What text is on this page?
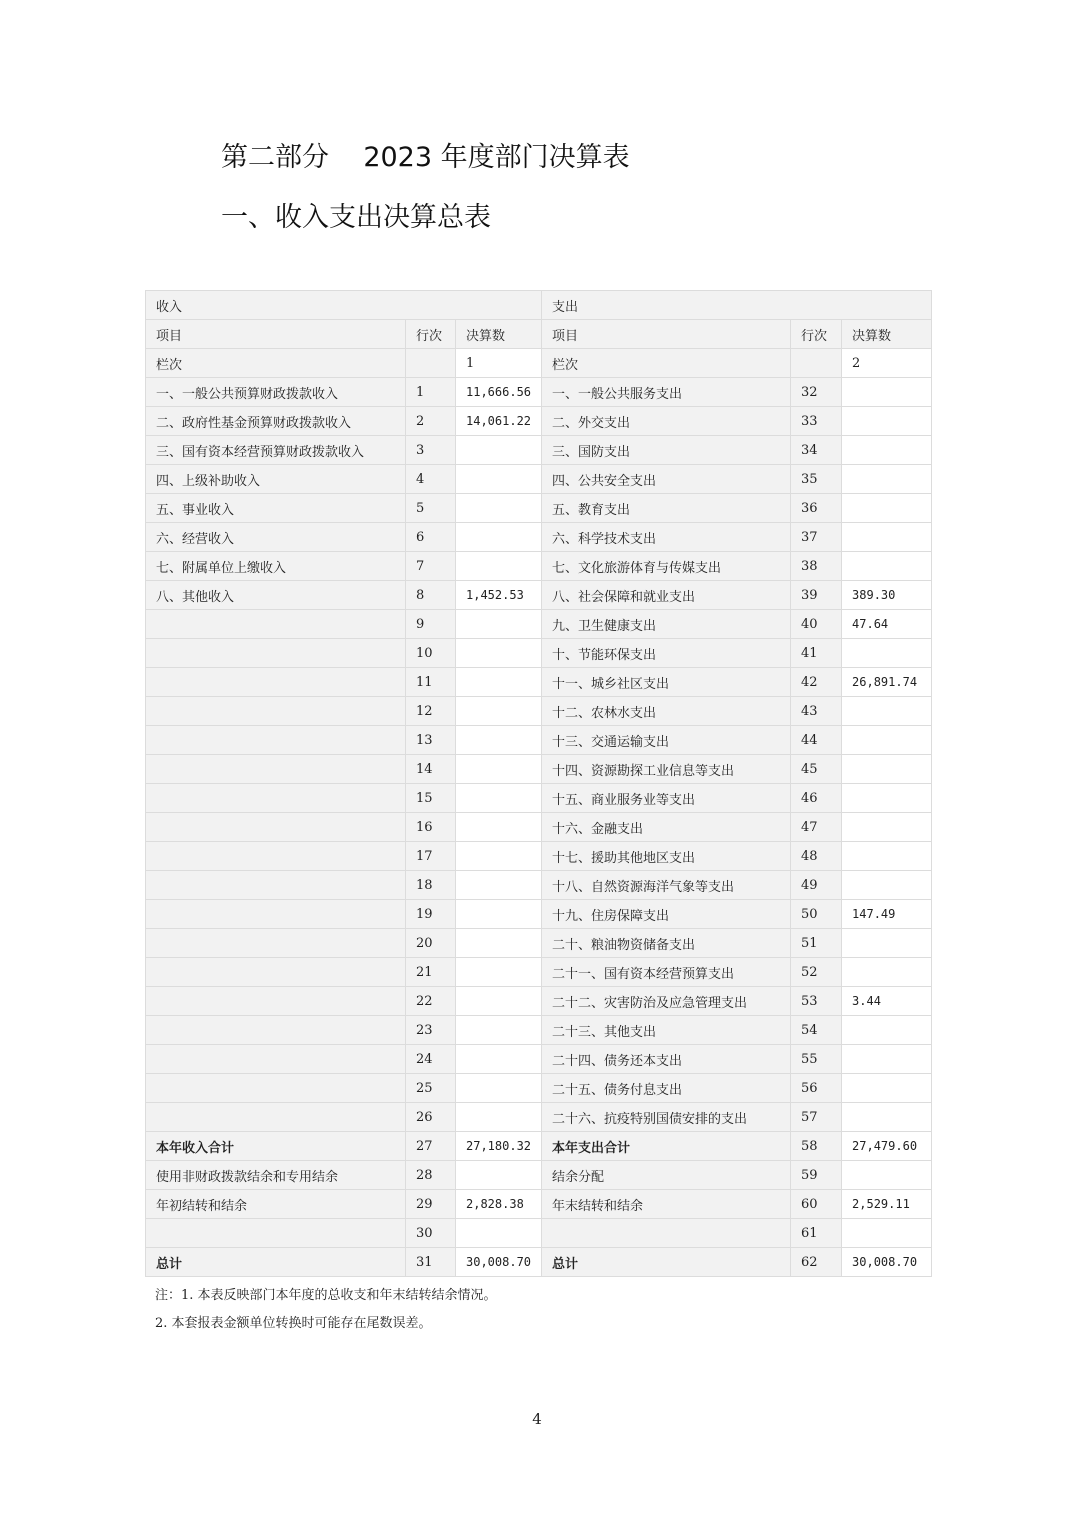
第二部分    2023 年度部门决算表
一、收入支出决算总表
收入			支出		
项目	行次	决算数	项目	行次	决算数
栏次		1	栏次		2
一、一般公共预算财政拨款收入	1	11,666.56	一、一般公共服务支出	32	
二、政府性基金预算财政拨款收入	2	14,061.22	二、外交支出	33	
三、国有资本经营预算财政拨款收入	3		三、国防支出	34	
四、上级补助收入	4		四、公共安全支出	35	
五、事业收入	5		五、教育支出	36	
六、经营收入	6		六、科学技术支出	37	
七、附属单位上缴收入	7		七、文化旅游体育与传媒支出	38	
八、其他收入	8	1,452.53	八、社会保障和就业支出	39	389.30
	9		九、卫生健康支出	40	47.64
	10		十、节能环保支出	41	
	11		十一、城乡社区支出	42	26,891.74
	12		十二、农林水支出	43	
	13		十三、交通运输支出	44	
	14		十四、资源勘探工业信息等支出	45	
	15		十五、商业服务业等支出	46	
	16		十六、金融支出	47	
	17		十七、援助其他地区支出	48	
	18		十八、自然资源海洋气象等支出	49	
	19		十九、住房保障支出	50	147.49
	20		二十、粮油物资储备支出	51	
	21		二十一、国有资本经营预算支出	52	
	22		二十二、灾害防治及应急管理支出	53	3.44
	23		二十三、其他支出	54	
	24		二十四、债务还本支出	55	
	25		二十五、债务付息支出	56	
	26		二十六、抗疫特别国债安排的支出	57	
本年收入合计	27	27,180.32	本年支出合计	58	27,479.60
使用非财政拨款结余和专用结余	28		结余分配	59	
年初结转和结余	29	2,828.38	年末结转和结余	60	2,529.11
	30			61	
总计	31	30,008.70	总计	62	30,008.70

注：1. 本表反映部门本年度的总收支和年末结转结余情况。

2. 本套报表金额单位转换时可能存在尾数误差。

4
